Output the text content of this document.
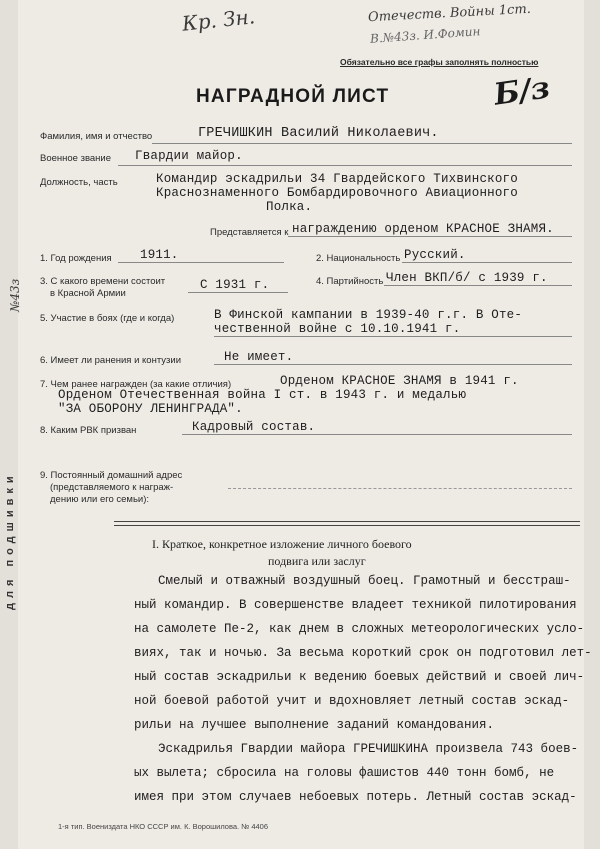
Кр. Зн.	Отечеств. Войны 1ст.
В.№43з. И.Фомин
Обязательно все графы заполнять полностью
Б/з
НАГРАДНОЙ ЛИСТ
Фамилия, имя и отчество	ГРЕЧИШКИН Василий Николаевич.
Военное звание Гвардии майор.
Должность, часть	Командир эскадрильи 34 Гвардейского Тихвинского
Краснознаменного Бомбардировочного Авиационного
Полка.
Представляется к награждению орденом КРАСНОЕ ЗНАМЯ.
1. Год рождения 1911.	2. Национальность Русский.
3. С какого времени состоит
в Красной Армии
С 1931 г.	4. Партийность Член ВКП/б/ с 1939 г.
5. Участие в боях (где и когда)	В Финской кампании в 1939-40 г.г. В Оте-
чественной войне с 10.10.1941 г.
6. Имеет ли ранения и контузии	Не имеет.
7. Чем ранее награжден (за какие отличия)	Орденом КРАСНОЕ ЗНАМЯ в 1941 г.
Орденом Отечественная война I ст. в 1943 г. и медалью
"ЗА ОБОРОНУ ЛЕНИНГРАДА".
8. Каким РВК призван	Кадровый состав.
9. Постоянный домашний адрес
(представляемого к награж-
дению или его семьи):
для подшивки
№43з
I. Краткое, конкретное изложение личного боевого
подвига или заслуг
Смелый и отважный воздушный боец. Грамотный и бесстраш-
ный командир. В совершенстве владеет техникой пилотирования
на самолете Пе-2, как днем в сложных метеорологических усло-
виях, так и ночью. За весьма короткий срок он подготовил лет-
ный состав эскадрильи к ведению боевых действий и своей лич-
ной боевой работой учит и вдохновляет летный состав эскад-
рильи на лучшее выполнение заданий командования.
Эскадрилья Гвардии майора ГРЕЧИШКИНА произвела 743 боев-
ых вылета; сбросила на головы фашистов 440 тонн бомб, не
имея при этом случаев небоевых потерь. Летный состав эскад-
1-я тип. Воениздата НКО СССР им. К. Ворошилова. № 4406
